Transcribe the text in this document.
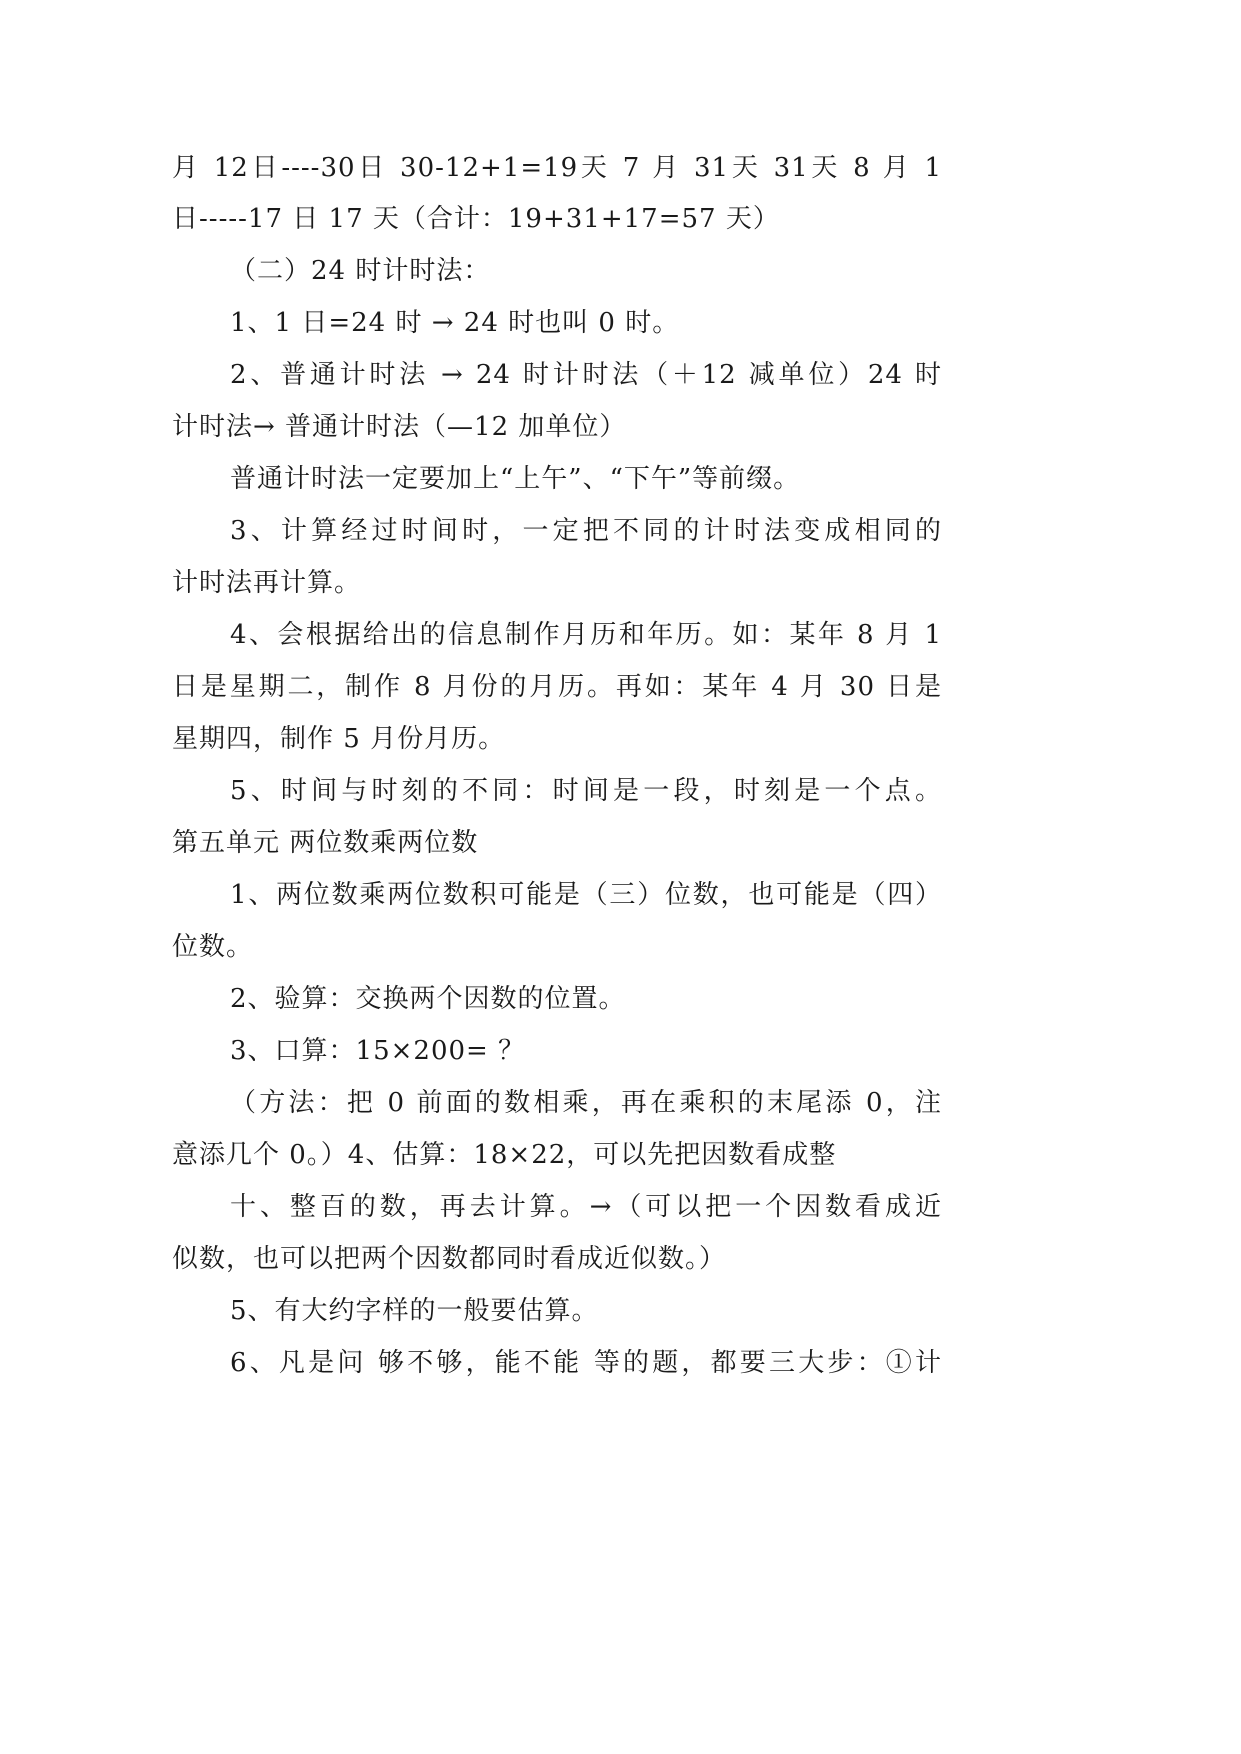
月 12日----30日 30-12+1=19天 7 月 31天 31天 8 月 1
日-----17 日 17 天（合计：19+31+17=57 天）
（二）24 时计时法：
1、1 日=24 时 → 24 时也叫 0 时。
2、普通计时法 → 24 时计时法（＋12 减单位）24 时
计时法→ 普通计时法（—12 加单位）
普通计时法一定要加上“上午”、“下午”等前缀。
3、计算经过时间时，一定把不同的计时法变成相同的
计时法再计算。
4、会根据给出的信息制作月历和年历。如：某年 8 月 1
日是星期二，制作 8 月份的月历。再如：某年 4 月 30 日是
星期四，制作 5 月份月历。
5、时间与时刻的不同：时间是一段，时刻是一个点。
第五单元 两位数乘两位数
1、两位数乘两位数积可能是（三）位数，也可能是（四）
位数。
2、验算：交换两个因数的位置。
3、口算：15×200= ？
（方法：把 0 前面的数相乘，再在乘积的末尾添 0，注
意添几个 0。）4、估算：18×22，可以先把因数看成整
十、整百的数，再去计算。→（可以把一个因数看成近
似数，也可以把两个因数都同时看成近似数。）
5、有大约字样的一般要估算。
6、凡是问 够不够，能不能 等的题，都要三大步：①计
